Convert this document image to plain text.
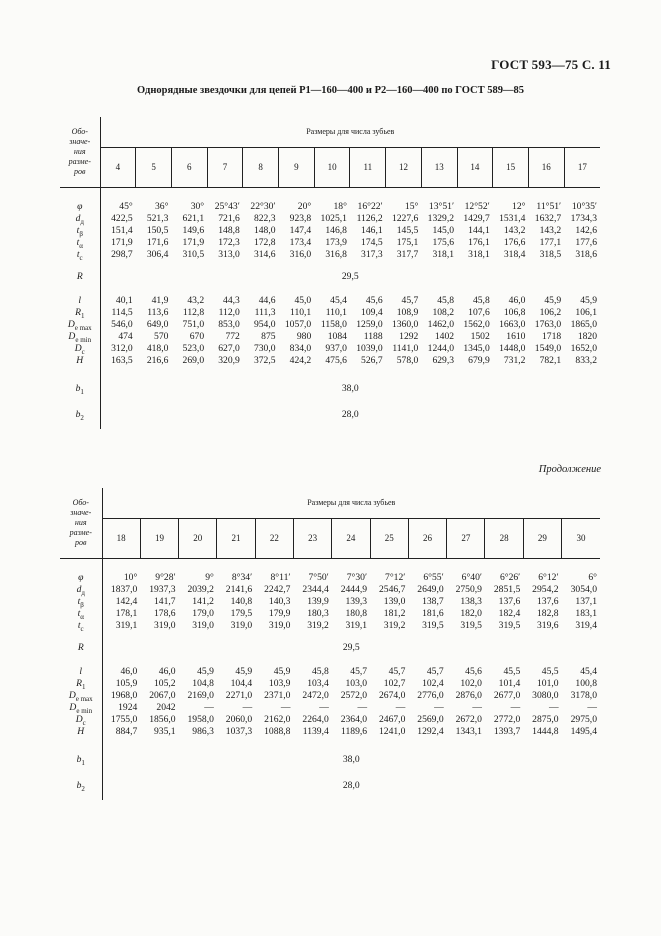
ГОСТ 593—75 С. 11
Однорядные звездочки для цепей Р1—160—400 и Р2—160—400 по ГОСТ 589—85
Обо-
значе-
ния
разме-
ров	Размеры для числа зубьев													
	4	5	6	7	8	9	10	11	12	13	14	15	16	17

φ	45°	36°	30°	25°43′	22°30′	20°	18°	16°22′	15°	13°51′	12°52′	12°	11°51′	10°35′
$d_д$	422,5	521,3	621,1	721,6	822,3	923,8	1025,1	1126,2	1227,6	1329,2	1429,7	1531,4	1632,7	1734,3
$t_\beta$	151,4	150,5	149,6	148,8	148,0	147,4	146,8	146,1	145,5	145,0	144,1	143,2	143,2	142,6
$t_\alpha$	171,9	171,6	171,9	172,3	172,8	173,4	173,9	174,5	175,1	175,6	176,1	176,6	177,1	177,6
$t_c$	298,7	306,4	310,5	313,0	314,6	316,0	316,8	317,3	317,7	318,1	318,1	318,4	318,5	318,6

R	29,5													

l	40,1	41,9	43,2	44,3	44,6	45,0	45,4	45,6	45,7	45,8	45,8	46,0	45,9	45,9
$R_1$	114,5	113,6	112,8	112,0	111,3	110,1	110,1	109,4	108,9	108,2	107,6	106,8	106,2	106,1
$D_{e max}$	546,0	649,0	751,0	853,0	954,0	1057,0	1158,0	1259,0	1360,0	1462,0	1562,0	1663,0	1763,0	1865,0
$D_{e min}$	474	570	670	772	875	980	1084	1188	1292	1402	1502	1610	1718	1820
$D_c$	312,0	418,0	523,0	627,0	730,0	834,0	937,0	1039,0	1141,0	1244,0	1345,0	1448,0	1549,0	1652,0
H	163,5	216,6	269,0	320,9	372,5	424,2	475,6	526,7	578,0	629,3	679,9	731,2	782,1	833,2

$b_1$	38,0													
$b_2$	28,0													
Продолжение
Обо-
значе-
ния
разме-
ров	Размеры для числа зубьев												
	18	19	20	21	22	23	24	25	26	27	28	29	30

φ	10°	9°28′	9°	8°34′	8°11′	7°50′	7°30′	7°12′	6°55′	6°40′	6°26′	6°12′	6°
$d_д$	1837,0	1937,3	2039,2	2141,6	2242,7	2344,4	2444,9	2546,7	2649,0	2750,9	2851,5	2954,2	3054,0
$t_\beta$	142,4	141,7	141,2	140,8	140,3	139,9	139,3	139,0	138,7	138,3	137,6	137,6	137,1
$t_\alpha$	178,1	178,6	179,0	179,5	179,9	180,3	180,8	181,2	181,6	182,0	182,4	182,8	183,1
$t_c$	319,1	319,0	319,0	319,0	319,0	319,2	319,1	319,2	319,5	319,5	319,5	319,6	319,4

R	29,5												

l	46,0	46,0	45,9	45,9	45,9	45,8	45,7	45,7	45,7	45,6	45,5	45,5	45,4
$R_1$	105,9	105,2	104,8	104,4	103,9	103,4	103,0	102,7	102,4	102,0	101,4	101,0	100,8
$D_{e max}$	1968,0	2067,0	2169,0	2271,0	2371,0	2472,0	2572,0	2674,0	2776,0	2876,0	2677,0	3080,0	3178,0
$D_{e min}$	1924	2042	—	—	—	—	—	—	—	—	—	—	—
$D_c$	1755,0	1856,0	1958,0	2060,0	2162,0	2264,0	2364,0	2467,0	2569,0	2672,0	2772,0	2875,0	2975,0
H	884,7	935,1	986,3	1037,3	1088,8	1139,4	1189,6	1241,0	1292,4	1343,1	1393,7	1444,8	1495,4

$b_1$	38,0												
$b_2$	28,0												
